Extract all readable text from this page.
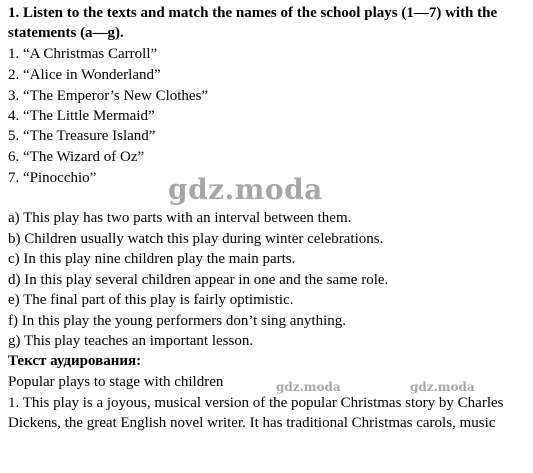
1. Listen to the texts and match the names of the school plays (1—7) with the
statements (a—g).
1. “A Christmas Carroll”
2. “Alice in Wonderland”
3. “The Emperor’s New Clothes”
4. “The Little Mermaid”
5. “The Treasure Island”
6. “The Wizard of Oz”
7. “Pinocchio”	gdz.moda
a) This play has two parts with an interval between them.
b) Children usually watch this play during winter celebrations.
c) In this play nine children play the main parts.
d) In this play several children appear in one and the same role.
e) The final part of this play is fairly optimistic.
f) In this play the young performers don’t sing anything.
g) This play teaches an important lesson.
Текст аудирования:
Popular plays to stage with children	gdz.moda	gdz.moda
1. This play is a joyous, musical version of the popular Christmas story by Charles
Dickens, the great English novel writer. It has traditional Christmas carols, music
